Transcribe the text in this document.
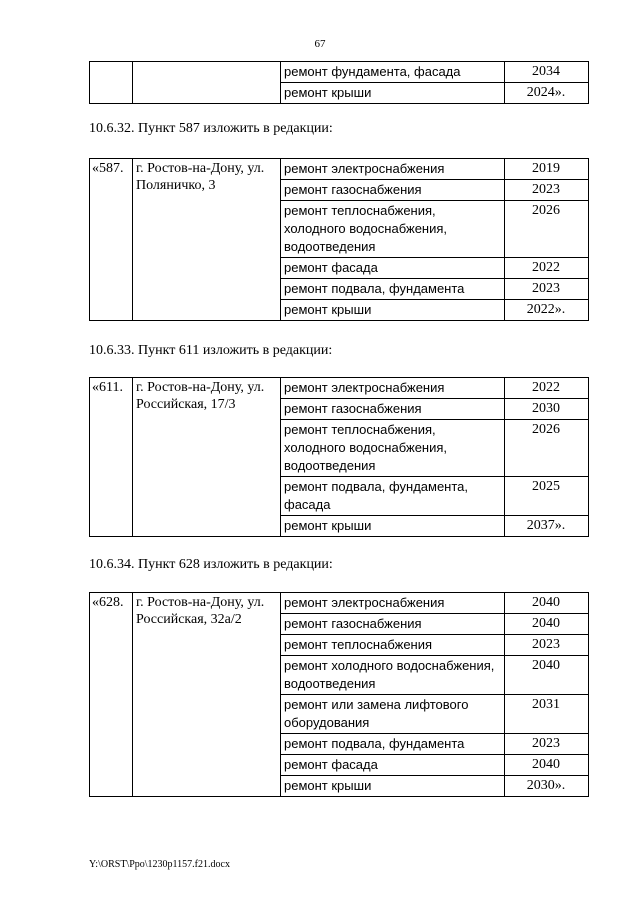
67
		ремонт фундамента, фасада	2034
		ремонт крыши	2024».
10.6.32. Пункт 587 изложить в редакции:
«587.	г. Ростов-на-Дону, ул. Поляничко, 3	ремонт электроснабжения	2019
		ремонт газоснабжения	2023
		ремонт теплоснабжения, холодного водоснабжения, водоотведения	2026
		ремонт фасада	2022
		ремонт подвала, фундамента	2023
		ремонт крыши	2022».
10.6.33. Пункт 611 изложить в редакции:
«611.	г. Ростов-на-Дону, ул. Российская, 17/3	ремонт электроснабжения	2022
		ремонт газоснабжения	2030
		ремонт теплоснабжения, холодного водоснабжения, водоотведения	2026
		ремонт подвала, фундамента, фасада	2025
		ремонт крыши	2037».
10.6.34. Пункт 628 изложить в редакции:
«628.	г. Ростов-на-Дону, ул. Российская, 32а/2	ремонт электроснабжения	2040
		ремонт газоснабжения	2040
		ремонт теплоснабжения	2023
		ремонт холодного водоснабжения, водоотведения	2040
		ремонт или замена лифтового оборудования	2031
		ремонт подвала, фундамента	2023
		ремонт фасада	2040
		ремонт крыши	2030».
Y:\ORST\Ppo\1230p1157.f21.docx
